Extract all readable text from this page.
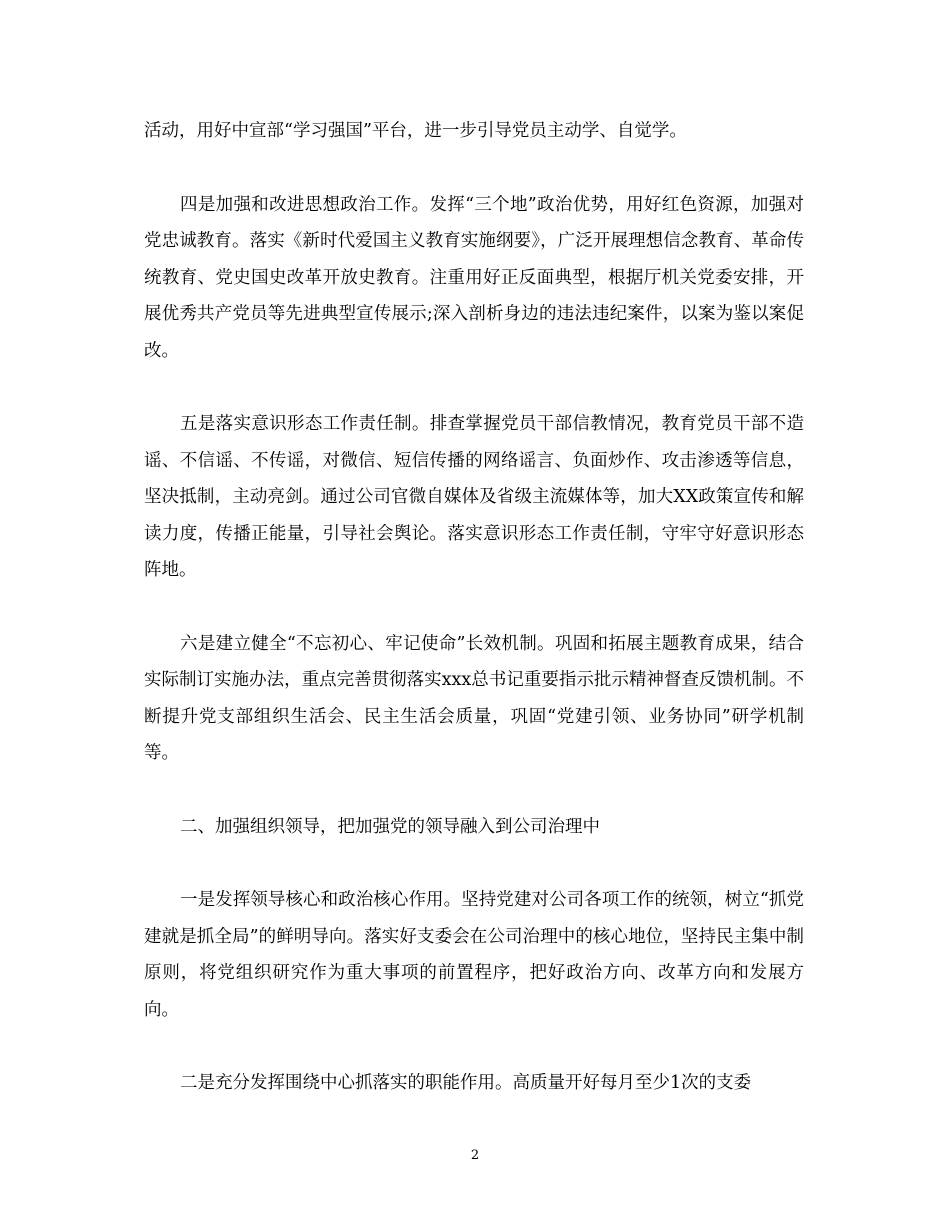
活动，用好中宣部“学习强国”平台，进一步引导党员主动学、自觉学。

四是加强和改进思想政治工作。发挥“三个地”政治优势，用好红色资源，加强对党忠诚教育。落实《新时代爱国主义教育实施纲要》，广泛开展理想信念教育、革命传统教育、党史国史改革开放史教育。注重用好正反面典型，根据厅机关党委安排，开展优秀共产党员等先进典型宣传展示;深入剖析身边的违法违纪案件，以案为鉴以案促改。

五是落实意识形态工作责任制。排查掌握党员干部信教情况，教育党员干部不造谣、不信谣、不传谣，对微信、短信传播的网络谣言、负面炒作、攻击渗透等信息，坚决抵制，主动亮剑。通过公司官微自媒体及省级主流媒体等，加大XX政策宣传和解读力度，传播正能量，引导社会舆论。落实意识形态工作责任制，守牢守好意识形态阵地。

六是建立健全“不忘初心、牢记使命”长效机制。巩固和拓展主题教育成果，结合实际制订实施办法，重点完善贯彻落实xxx总书记重要指示批示精神督查反馈机制。不断提升党支部组织生活会、民主生活会质量，巩固“党建引领、业务协同”研学机制等。

二、加强组织领导，把加强党的领导融入到公司治理中

一是发挥领导核心和政治核心作用。坚持党建对公司各项工作的统领，树立“抓党建就是抓全局”的鲜明导向。落实好支委会在公司治理中的核心地位，坚持民主集中制原则，将党组织研究作为重大事项的前置程序，把好政治方向、改革方向和发展方向。

二是充分发挥围绕中心抓落实的职能作用。高质量开好每月至少1次的支委

2
